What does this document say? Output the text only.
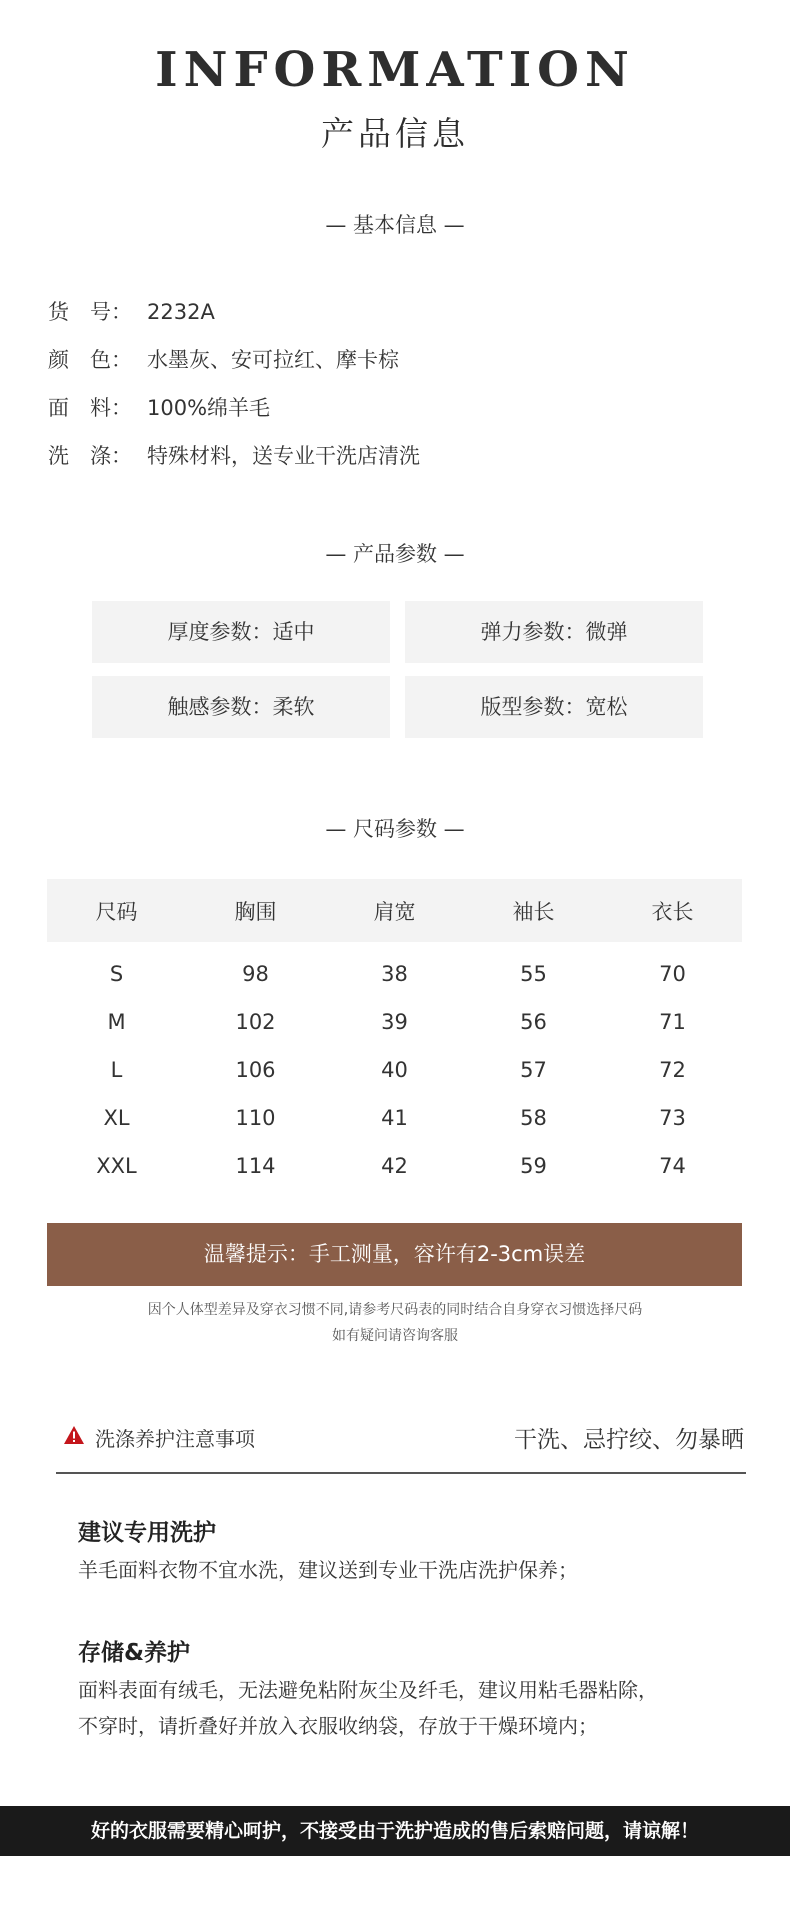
INFORMATION
产品信息
— 基本信息 —
货　号： 2232A
颜　色： 水墨灰、安可拉红、摩卡棕
面　料： 100%绵羊毛
洗　涤： 特殊材料，送专业干洗店清洗
— 产品参数 —
厚度参数：适中	弹力参数：微弹
触感参数：柔软	版型参数：宽松
— 尺码参数 —
尺码	胸围	肩宽	袖长	衣长
S	98	38	55	70
M	102	39	56	71
L	106	40	57	72
XL	110	41	58	73
XXL	114	42	59	74
温馨提示：手工测量，容许有2-3cm误差
因个人体型差异及穿衣习惯不同,请参考尺码表的同时结合自身穿衣习惯选择尺码
如有疑问请咨询客服
洗涤养护注意事项	干洗、忌拧绞、勿暴晒
建议专用洗护
羊毛面料衣物不宜水洗，建议送到专业干洗店洗护保养；
存储&养护
面料表面有绒毛，无法避免粘附灰尘及纤毛，建议用粘毛器粘除，
不穿时，请折叠好并放入衣服收纳袋，存放于干燥环境内；
好的衣服需要精心呵护，不接受由于洗护造成的售后索赔问题，请谅解！
